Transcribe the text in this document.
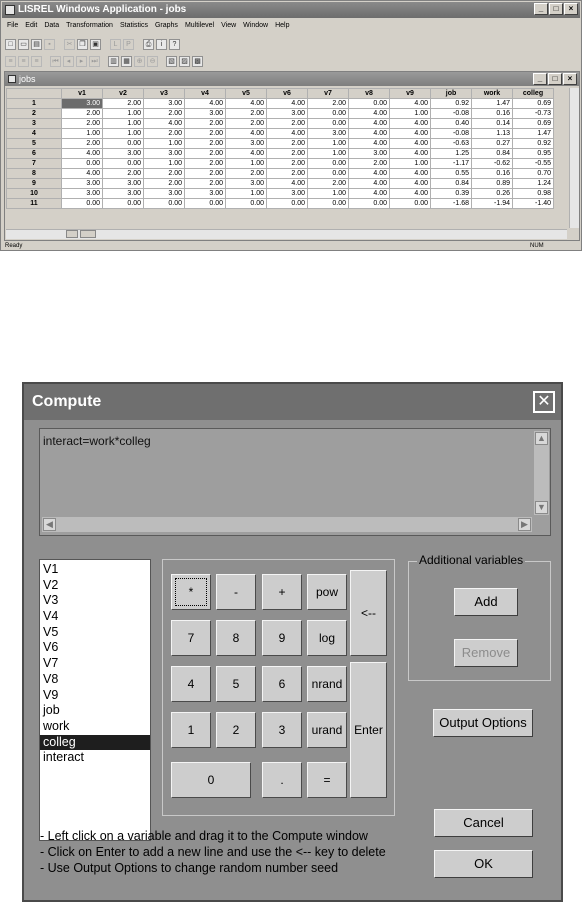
LISREL Windows Application - jobs	_	□	×
File Edit Data Transformation Statistics Graphs Multilevel View Window Help
□	▭ ▤	▪	✂ ❐ ▣	L	P	⎙	i	?
≡	≡	≡	⏮	◂	▸	⏭	▥ ▦ ⊕	⊖	▧ ▨ ▩
jobs	_	□	×
	v1	v2	v3	v4	v5	v6	v7	v8	v9	job	work	colleg
1	3.00	2.00	3.00	4.00	4.00	4.00	2.00	0.00	4.00	0.92	1.47	0.69
2	2.00	1.00	2.00	3.00	2.00	3.00	0.00	4.00	1.00	-0.08	0.16	-0.73
3	2.00	1.00	4.00	2.00	2.00	2.00	0.00	4.00	4.00	0.40	0.14	0.69
4	1.00	1.00	2.00	2.00	4.00	4.00	3.00	4.00	4.00	-0.08	1.13	1.47
5	2.00	0.00	1.00	2.00	3.00	2.00	1.00	4.00	4.00	-0.63	0.27	0.92
6	4.00	3.00	3.00	2.00	4.00	2.00	1.00	3.00	4.00	1.25	0.84	0.95
7	0.00	0.00	1.00	2.00	1.00	2.00	0.00	2.00	1.00	-1.17	-0.62	-0.55
8	4.00	2.00	2.00	2.00	2.00	2.00	0.00	4.00	4.00	0.55	0.16	0.70
9	3.00	3.00	2.00	2.00	3.00	4.00	2.00	4.00	4.00	0.84	0.89	1.24
10	3.00	3.00	3.00	3.00	1.00	3.00	1.00	4.00	4.00	0.39	0.26	0.98
11	0.00	0.00	0.00	0.00	0.00	0.00	0.00	0.00	0.00	-1.68	-1.94	-1.40
Ready	NUM
Compute	✕
interact=work*colleg	▲
▼
◀	▶
V1
V2
V3
V4
V5
V6
V7
V8
V9
job
work
colleg
interact
*	-	+	pow
<--
7	8	9	log
4	5	6	nrand
Enter
1	2	3	urand
0	.	=
Additional variables
Add
Remove
Output Options
Cancel
OK
- Left click on a variable and drag it to the Compute window
- Click on Enter to add a new line and use the <-- key to delete
- Use Output Options to change random number seed
